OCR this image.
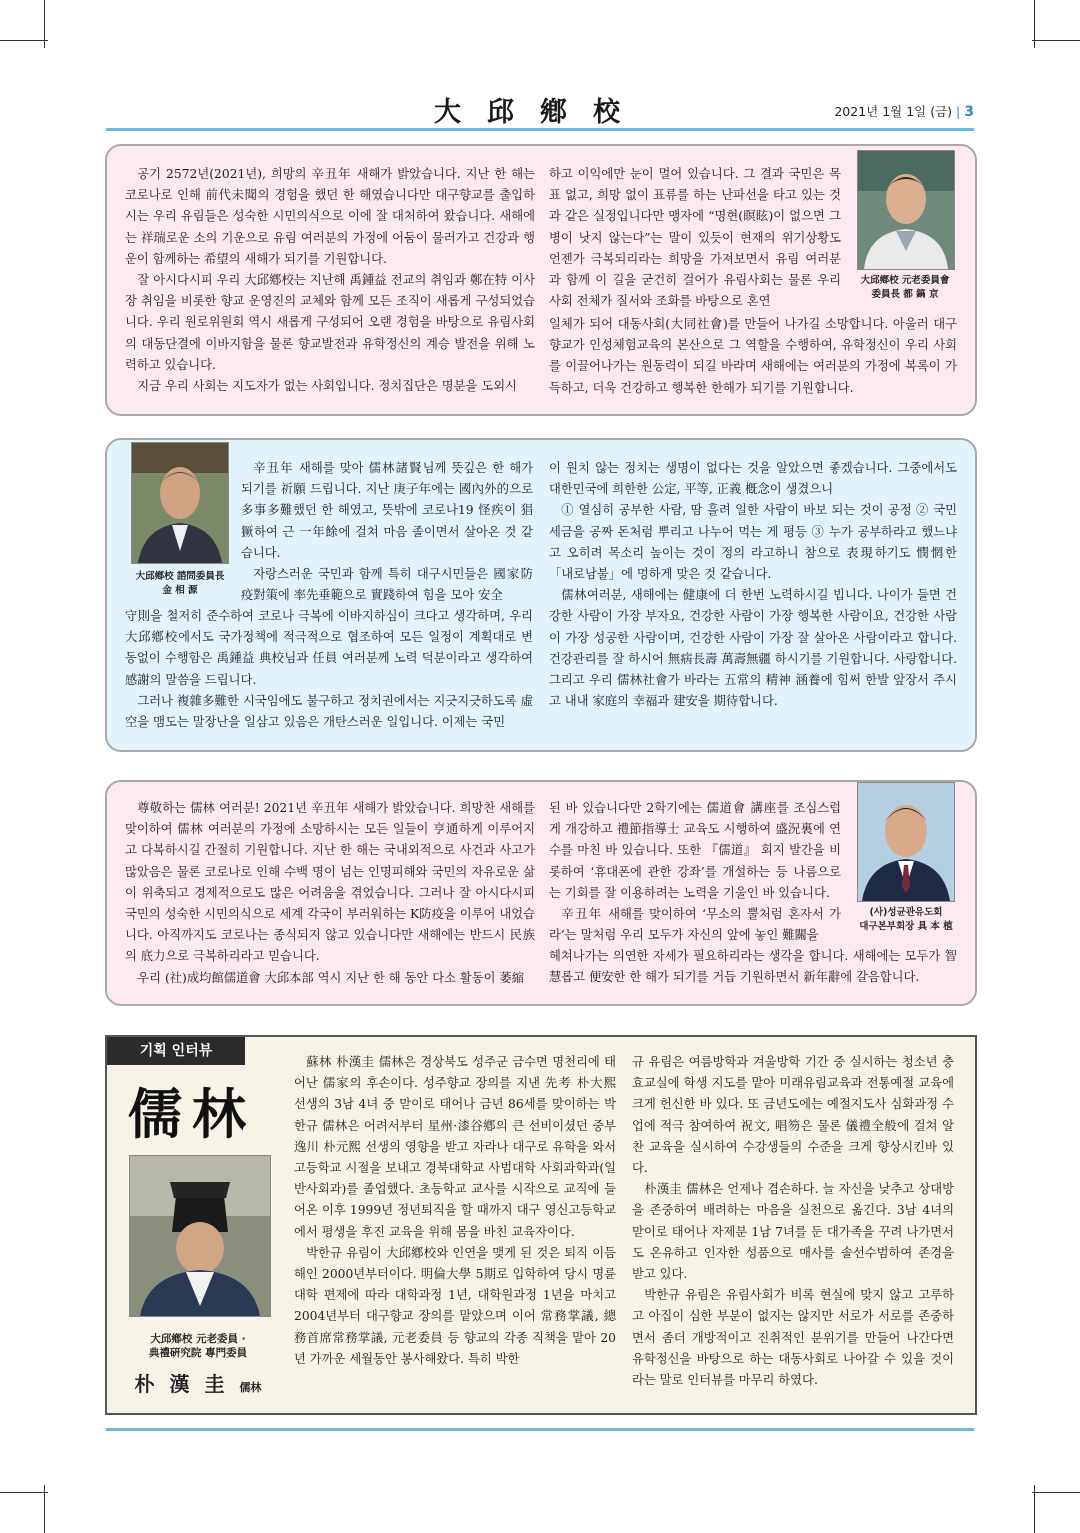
大邱鄕校	2021년 1월 1일 (금) | 3

공기 2572년(2021년), 희망의 辛丑年 새해가 밝았습니다. 지난 한 해는 코로나로 인해 前代未聞의 경험을 했던 한 해였습니다만 대구향교를 출입하시는 우리 유림들은 성숙한 시민의식으로 이에 잘 대처하여 왔습니다. 새해에는 祥瑞로운 소의 기운으로 유림 여러분의 가정에 어둠이 물러가고 건강과 행운이 함께하는 希望의 새해가 되기를 기원합니다.

잘 아시다시피 우리 大邱鄕校는 지난해 禹鍾益 전교의 취임과 鄭在特 이사장 취임을 비롯한 향교 운영진의 교체와 함께 모든 조직이 새롭게 구성되었습니다. 우리 원로위원회 역시 새롭게 구성되어 오랜 경험을 바탕으로 유림사회의 대동단결에 이바지함을 물론 향교발전과 유학정신의 계승 발전을 위해 노력하고 있습니다.

지금 우리 사회는 지도자가 없는 사회입니다. 정치집단은 명분을 도외시

하고 이익에만 눈이 멀어 있습니다. 그 결과 국민은 목표 없고, 희망 없이 표류를 하는 난파선을 타고 있는 것과 같은 실정입니다만 맹자에 “명현(瞑眩)이 없으면 그 병이 낫지 않는다”는 말이 있듯이 현재의 위기상황도 언젠가 극복되리라는 희망을 가져보면서 유림 여러분과 함께 이 길을 굳건히 걸어가 유림사회는 물론 우리 사회 전체가 질서와 조화를 바탕으로 혼연

일체가 되어 대동사회(大同社會)를 만들어 나가길 소망합니다. 아울러 대구향교가 인성체험교육의 본산으로 그 역할을 수행하여, 유학정신이 우리 사회를 이끌어나가는 원동력이 되길 바라며 새해에는 여러분의 가정에 복록이 가득하고, 더욱 건강하고 행복한 한해가 되기를 기원합니다.

大邱鄕校 元老委員會
委員長 都 鎬 京
大邱鄕校 諮問委員長
金 相 源

辛丑年 새해를 맞아 儒林諸賢님께 뜻깊은 한 해가 되기를 祈願 드립니다. 지난 庚子年에는 國內外的으로 多事多難했던 한 해였고, 뜻밖에 코로나19 怪疾이 猖獗하여 근 一年餘에 걸쳐 마음 졸이면서 살아온 것 같습니다.

자랑스러운 국민과 함께 특히 대구시민들은 國家防疫對策에 率先垂範으로 實踐하여 힘을 모아 安全

守則을 철저히 준수하여 코로나 극복에 이바지하심이 크다고 생각하며, 우리 大邱鄕校에서도 국가정책에 적극적으로 협조하여 모든 일정이 계획대로 변동없이 수행함은 禹鍾益 典校님과 任員 여러분께 노력 덕분이라고 생각하여 感謝의 말씀을 드립니다.

그러나 複雜多難한 시국임에도 불구하고 정치권에서는 지긋지긋하도록 虛空을 맴도는 말장난을 일삼고 있음은 개탄스러운 일입니다. 이제는 국민

이 원치 않는 정치는 생명이 없다는 것을 알았으면 좋겠습니다. 그중에서도 대한민국에 희한한 公定, 平等, 正義 槪念이 생겼으니

① 열심히 공부한 사람, 땀 흘려 일한 사람이 바보 되는 것이 공정 ② 국민 세금을 공짜 돈처럼 뿌리고 나누어 먹는 게 평등 ③ 누가 공부하라고 했느냐고 오히려 목소리 높이는 것이 정의 라고하니 참으로 表現하기도 憫惘한 「내로남불」에 멍하게 맞은 것 같습니다.

儒林여러분, 새해에는 健康에 더 한번 노력하시길 빕니다. 나이가 들면 건강한 사람이 가장 부자요, 건강한 사람이 가장 행복한 사람이요, 건강한 사람이 가장 성공한 사람이며, 건강한 사람이 가장 잘 살아온 사람이라고 합니다. 건강관리를 잘 하시어 無病長壽 萬壽無疆 하시기를 기원합니다. 사랑합니다. 그리고 우리 儒林社會가 바라는 五常의 精神 涵養에 힘써 한발 앞장서 주시고 내내 家庭의 幸福과 建安을 期待합니다.

尊敬하는 儒林 여러분! 2021년 辛丑年 새해가 밝았습니다. 희망찬 새해를 맞이하여 儒林 여러분의 가정에 소망하시는 모든 일들이 亨通하게 이루어지고 다복하시길 간절히 기원합니다. 지난 한 해는 국내외적으로 사건과 사고가 많았음은 물론 코로나로 인해 수백 명이 넘는 인명피해와 국민의 자유로운 삶이 위축되고 경제적으로도 많은 어려움을 겪었습니다. 그러나 잘 아시다시피 국민의 성숙한 시민의식으로 세계 각국이 부러워하는 K防疫을 이루어 내었습니다. 아직까지도 코로나는 종식되지 않고 있습니다만 새해에는 반드시 民族의 底力으로 극복하리라고 믿습니다.

우리 (社)成均館儒道會 大邱本部 역시 지난 한 해 동안 다소 활동이 萎縮

된 바 있습니다만 2학기에는 儒道會 講座를 조심스럽게 개강하고 禮節指導士 교육도 시행하여 盛況裏에 연수를 마친 바 있습니다. 또한 『儒道』 회지 발간을 비롯하여 ‘휴대폰에 관한 강좌’를 개설하는 등 나름으로는 기회를 잘 이용하려는 노력을 기울인 바 있습니다.

辛丑年 새해를 맞이하여 ‘무소의 뿔처럼 혼자서 가라’는 말처럼 우리 모두가 자신의 앞에 놓인 難關을

헤쳐나가는 의연한 자세가 필요하리라는 생각을 합니다. 새해에는 모두가 智慧롭고 便安한 한 해가 되기를 거듭 기원하면서 新年辭에 갈음합니다.

(사)성균관유도회
대구본부회장 具 本 植
기획 인터뷰
儒林
大邱鄕校 元老委員 ·
典禮硏究院 專門委員
朴 漢 圭 儒林

蘇林 朴漢圭 儒林은 경상북도 성주군 금수면 명천리에 태어난 儒家의 후손이다. 성주향교 장의를 지낸 先考 朴大熙 선생의 3남 4녀 중 맏이로 태어나 금년 86세를 맞이하는 박한규 儒林은 어려서부터 星州·漆谷鄕의 큰 선비이셨던 중부 逸川 朴元熙 선생의 영향을 받고 자라나 대구로 유학을 와서 고등학교 시절을 보내고 경북대학교 사범대학 사회과학과(일반사회과)를 졸업했다. 초등학교 교사를 시작으로 교직에 들어온 이후 1999년 정년퇴직을 할 때까지 대구 영신고등학교에서 평생을 후진 교육을 위해 몸을 바친 교육자이다.

박한규 유림이 大邱鄕校와 인연을 맺게 된 것은 퇴직 이듬해인 2000년부터이다. 明倫大學 5期로 입학하여 당시 명륜대학 편제에 따라 대학과정 1년, 대학원과정 1년을 마치고 2004년부터 대구향교 장의를 맡았으며 이어 常務掌議, 總務首席常務掌議, 元老委員 등 향교의 각종 직책을 맡아 20년 가까운 세월동안 봉사해왔다. 특히 박한

규 유림은 여름방학과 겨울방학 기간 중 실시하는 청소년 충효교실에 학생 지도를 맡아 미래유림교육과 전통예절 교육에 크게 헌신한 바 있다. 또 금년도에는 예절지도사 심화과정 수업에 적극 참여하여 祝文, 唱笏은 물론 儀禮全般에 걸쳐 알찬 교육을 실시하여 수강생들의 수준을 크게 향상시킨바 있다.

朴漢圭 儒林은 언제나 겸손하다. 늘 자신을 낮추고 상대방을 존중하여 배려하는 마음을 실천으로 옮긴다. 3남 4녀의 맏이로 태어나 자제분 1남 7녀를 둔 대가족을 꾸려 나가면서도 온유하고 인자한 성품으로 매사를 솔선수범하여 존경을 받고 있다.

박한규 유림은 유림사회가 비록 현실에 맞지 않고 고루하고 아집이 심한 부분이 없지는 않지만 서로가 서로를 존중하면서 좀더 개방적이고 진취적인 분위기를 만들어 나간다면 유학정신을 바탕으로 하는 대동사회로 나아갈 수 있을 것이라는 말로 인터뷰를 마무리 하였다.
